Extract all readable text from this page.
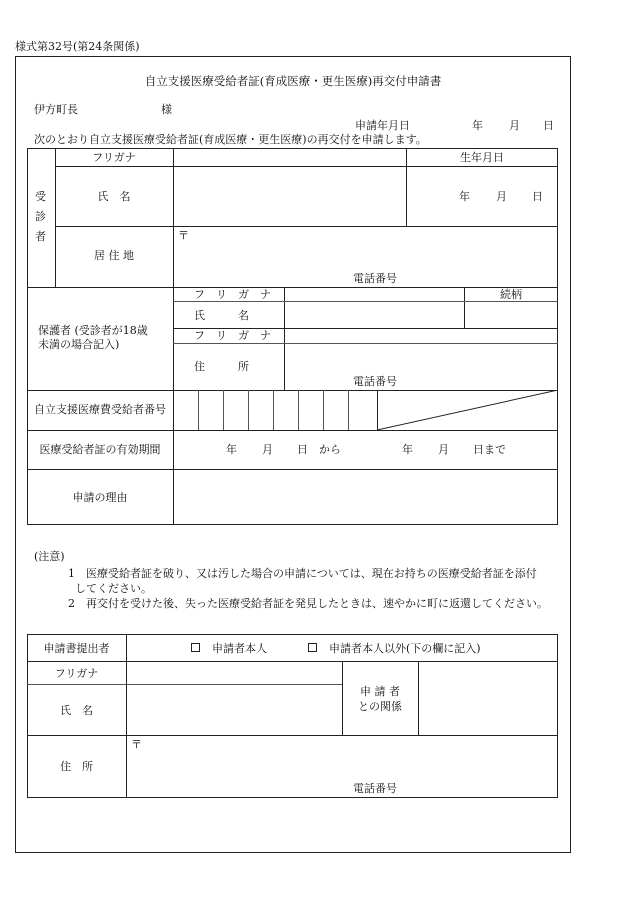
様式第32号(第24条関係)
自立支援医療受給者証(育成医療・更生医療)再交付申請書
伊方町長	様
申請年月日	年 月 日
次のとおり自立支援医療受給者証(育成医療・更生医療)の再交付を申請します。
受診者
フリガナ	生年月日
氏　名	年 月 日
居 住 地
〒
電話番号
保護者 (受診者が18歳
未満の場合記入)
フ　リ　ガ　ナ	続柄
氏　　　名
フ　リ　ガ　ナ
住　　　所
電話番号
自立支援医療費受給者番号
医療受給者証の有効期間	年 月 日　から	年 月 日まで
申請の理由
(注意)
1　医療受給者証を破り、又は汚した場合の申請については、現在お持ちの医療受給者証を添付
してください。
2　再交付を受けた後、失った医療受給者証を発見したときは、速やかに町に返還してください。
申請書提出者	申請者本人	申請者本人以外(下の欄に記入)
フリガナ
氏　名
申 請 者
との関係
住　所
〒
電話番号
